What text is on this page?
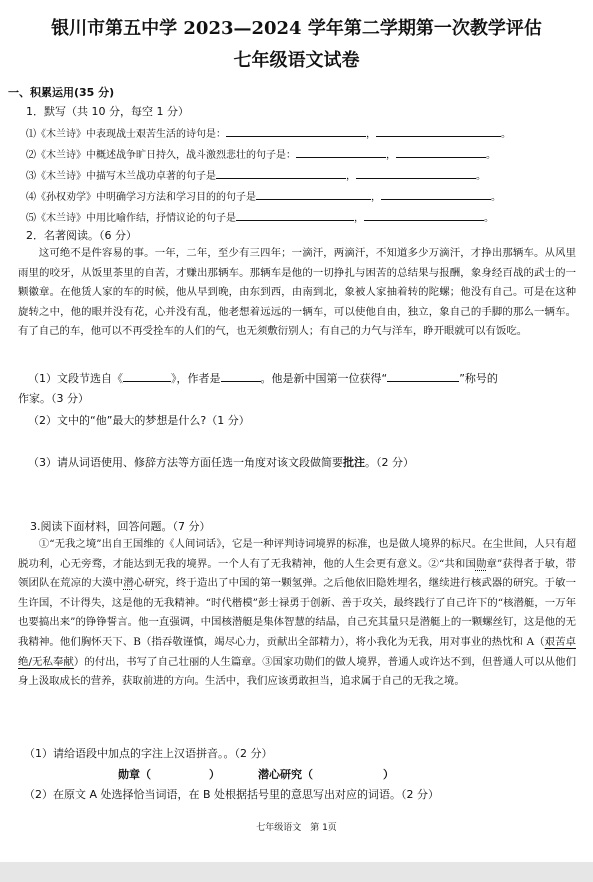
银川市第五中学 2023—2024 学年第二学期第一次教学评估
七年级语文试卷
一、积累运用(35 分)
1．默写（共 10 分，每空 1 分）
⑴《木兰诗》中表现战士艰苦生活的诗句是：	，	。
⑵《木兰诗》中概述战争旷日持久，战斗激烈悲壮的句子是：	，	。
⑶《木兰诗》中描写木兰战功卓著的句子是	，	。
⑷《孙权劝学》中明确学习方法和学习目的的句子是	，	。
⑸《木兰诗》中用比喻作结，抒情议论的句子是	，	。
2．名著阅读。（6 分）

这可绝不是件容易的事。一年，二年，至少有三四年；一滴汗，两滴汗，不知道多少万滴汗，才挣出那辆车。从风里雨里的咬牙，从饭里茶里的自苦，才赚出那辆车。那辆车是他的一切挣扎与困苦的总结果与报酬，象身经百战的武士的一颗徽章。在他赁人家的车的时候，他从早到晚，由东到西，由南到北，象被人家抽着转的陀螺；他没有自己。可是在这种旋转之中，他的眼并没有花，心并没有乱，他老想着远远的一辆车，可以使他自由，独立，象自己的手脚的那么一辆车。有了自己的车，他可以不再受拴车的人们的气，也无须敷衍别人；有自己的力气与洋车，睁开眼就可以有饭吃。

（1）文段节选自《	》，作者是	。他是新中国第一位获得“	”称号的
作家。（3 分）
（2）文中的“他”最大的梦想是什么?（1 分）
（3）请从词语使用、修辞方法等方面任选一角度对该文段做简要批注。（2 分）
3.阅读下面材料，回答问题。（7 分）

①“无我之境”出自王国维的《人间词话》，它是一种评判诗词境界的标准，也是做人境界的标尺。在尘世间，人只有超脱功利，心无旁骛，才能达到无我的境界。一个人有了无我精神，他的人生会更有意义。②“共和国勋章”获得者于敏，带领团队在荒凉的大漠中潜心研究，终于造出了中国的第一颗氢弹。之后他依旧隐姓埋名，继续进行核武器的研究。于敏一生许国，不计得失，这是他的无我精神。“时代楷模”彭士禄勇于创新、善于攻关，最终践行了自己许下的“核潜艇，一万年也要搞出来”的铮铮誓言。他一直强调，中国核潜艇是集体智慧的结晶，自己充其量只是潜艇上的一颗螺丝钉，这是他的无我精神。他们胸怀天下、B（指吞敬谨慎，竭尽心力，贡献出全部精力），将小我化为无我，用对事业的热忱和 A（艰苦卓绝/无私奉献）的付出，书写了自己壮丽的人生篇章。③国家功勋们的做人境界，普通人或许达不到，但普通人可以从他们身上汲取成长的营养，获取前进的方向。生活中，我们应该勇敢担当，追求属于自己的无我之境。

（1）请给语段中加点的字注上汉语拼音。。（2 分）
勋章（	）	潜心研究（	）
（2）在原文 A 处选择恰当词语，在 B 处根据括号里的意思写出对应的词语。（2 分）
七年级语文　第 1页
